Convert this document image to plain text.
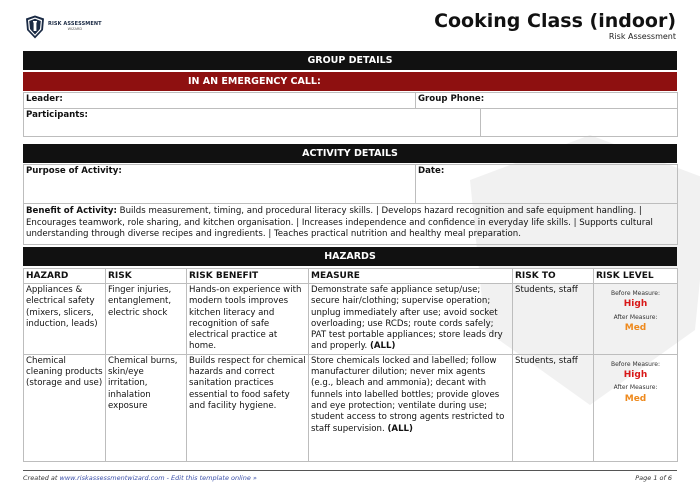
RISK ASSESSMENT
WIZARD	Cooking Class (indoor)
Risk Assessment
GROUP DETAILS
IN AN EMERGENCY CALL:
Leader:	Group Phone:	
Participants:		
ACTIVITY DETAILS
Purpose of Activity:	Date:
Benefit of Activity: Builds measurement, timing, and procedural literacy skills. | Develops hazard recognition and safe equipment handling. | Encourages teamwork, role sharing, and kitchen organisation. | Increases independence and confidence in everyday life skills. | Supports cultural understanding through diverse recipes and ingredients. | Teaches practical nutrition and healthy meal preparation.
HAZARDS
HAZARD	RISK	RISK BENEFIT	MEASURE	RISK TO	RISK LEVEL
Appliances & electrical safety (mixers, slicers, induction, leads)	Finger injuries, entanglement, electric shock	Hands-on experience with modern tools improves kitchen literacy and recognition of safe electrical practice at home.	Demonstrate safe appliance setup/use; secure hair/clothing; supervise operation; unplug immediately after use; avoid socket overloading; use RCDs; route cords safely; PAT test portable appliances; store leads dry and properly. (ALL)	Students, staff	Before Measure:
High
After Measure:
Med

Chemical cleaning products (storage and use)	Chemical burns, skin/eye irritation, inhalation exposure	Builds respect for chemical hazards and correct sanitation practices essential to food safety and facility hygiene.	Store chemicals locked and labelled; follow manufacturer dilution; never mix agents (e.g., bleach and ammonia); decant with funnels into labelled bottles; provide gloves and eye protection; ventilate during use; student access to strong agents restricted to staff supervision. (ALL)	Students, staff	Before Measure:
High
After Measure:
Med
Created at www.riskassessmentwizard.com - Edit this template online »	Page 1 of 6
